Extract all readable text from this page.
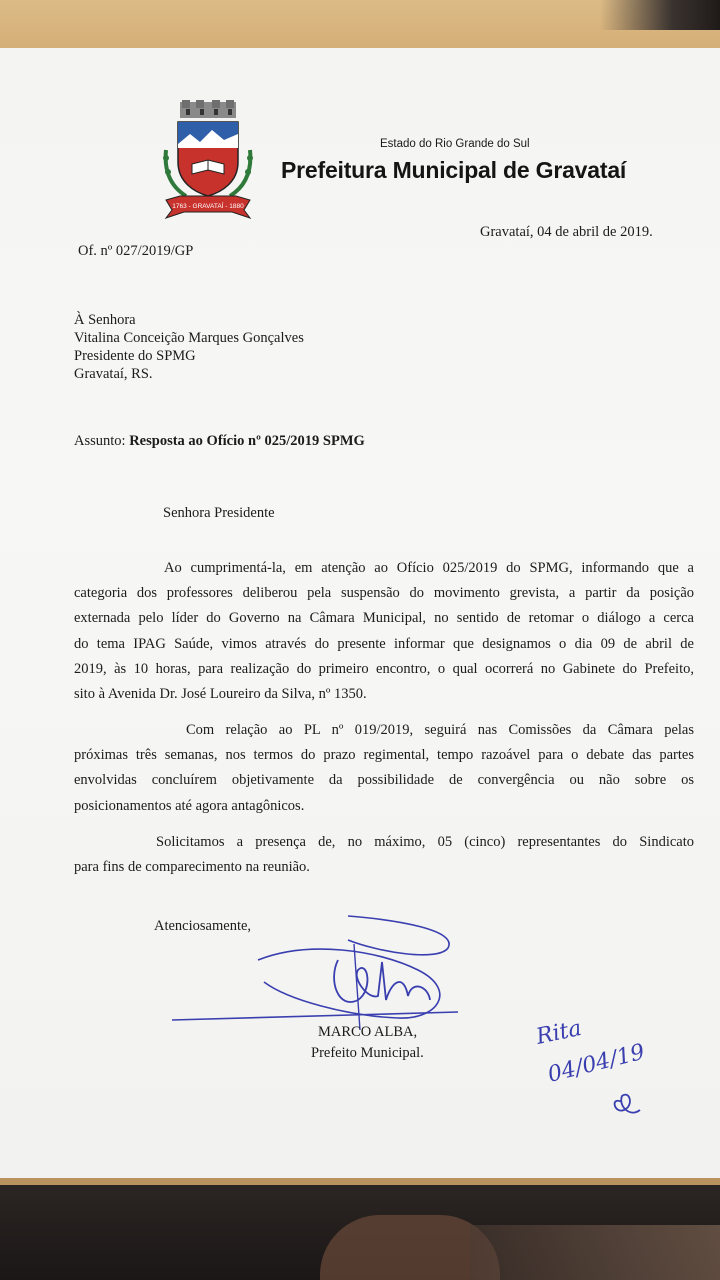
1763 - GRAVATAÍ - 1880
Estado do Rio Grande do Sul
Prefeitura Municipal de Gravataí
Gravataí, 04 de abril de 2019.
Of. nº 027/2019/GP
À Senhora
Vitalina Conceição Marques Gonçalves
Presidente do SPMG
Gravataí, RS.
Assunto: Resposta ao Ofício nº 025/2019 SPMG
Senhora Presidente
Ao cumprimentá-la, em atenção ao Ofício 025/2019 do SPMG, informando que a
categoria dos professores deliberou pela suspensão do movimento grevista, a partir da posição
externada pelo líder do Governo na Câmara Municipal, no sentido de retomar o diálogo a cerca
do tema IPAG Saúde, vimos através do presente informar que designamos o dia 09 de abril de
2019, às 10 horas, para realização do primeiro encontro, o qual ocorrerá no Gabinete do Prefeito,
sito à Avenida Dr. José Loureiro da Silva, nº 1350.
Com relação ao PL nº 019/2019, seguirá nas Comissões da Câmara pelas
próximas três semanas, nos termos do prazo regimental, tempo razoável para o debate das partes
envolvidas concluírem objetivamente da possibilidade de convergência ou não sobre os
posicionamentos até agora antagônicos.
Solicitamos a presença de, no máximo, 05 (cinco) representantes do Sindicato
para fins de comparecimento na reunião.
Atenciosamente,
MARCO ALBA,
Prefeito Municipal.
Rita
04/04/19
